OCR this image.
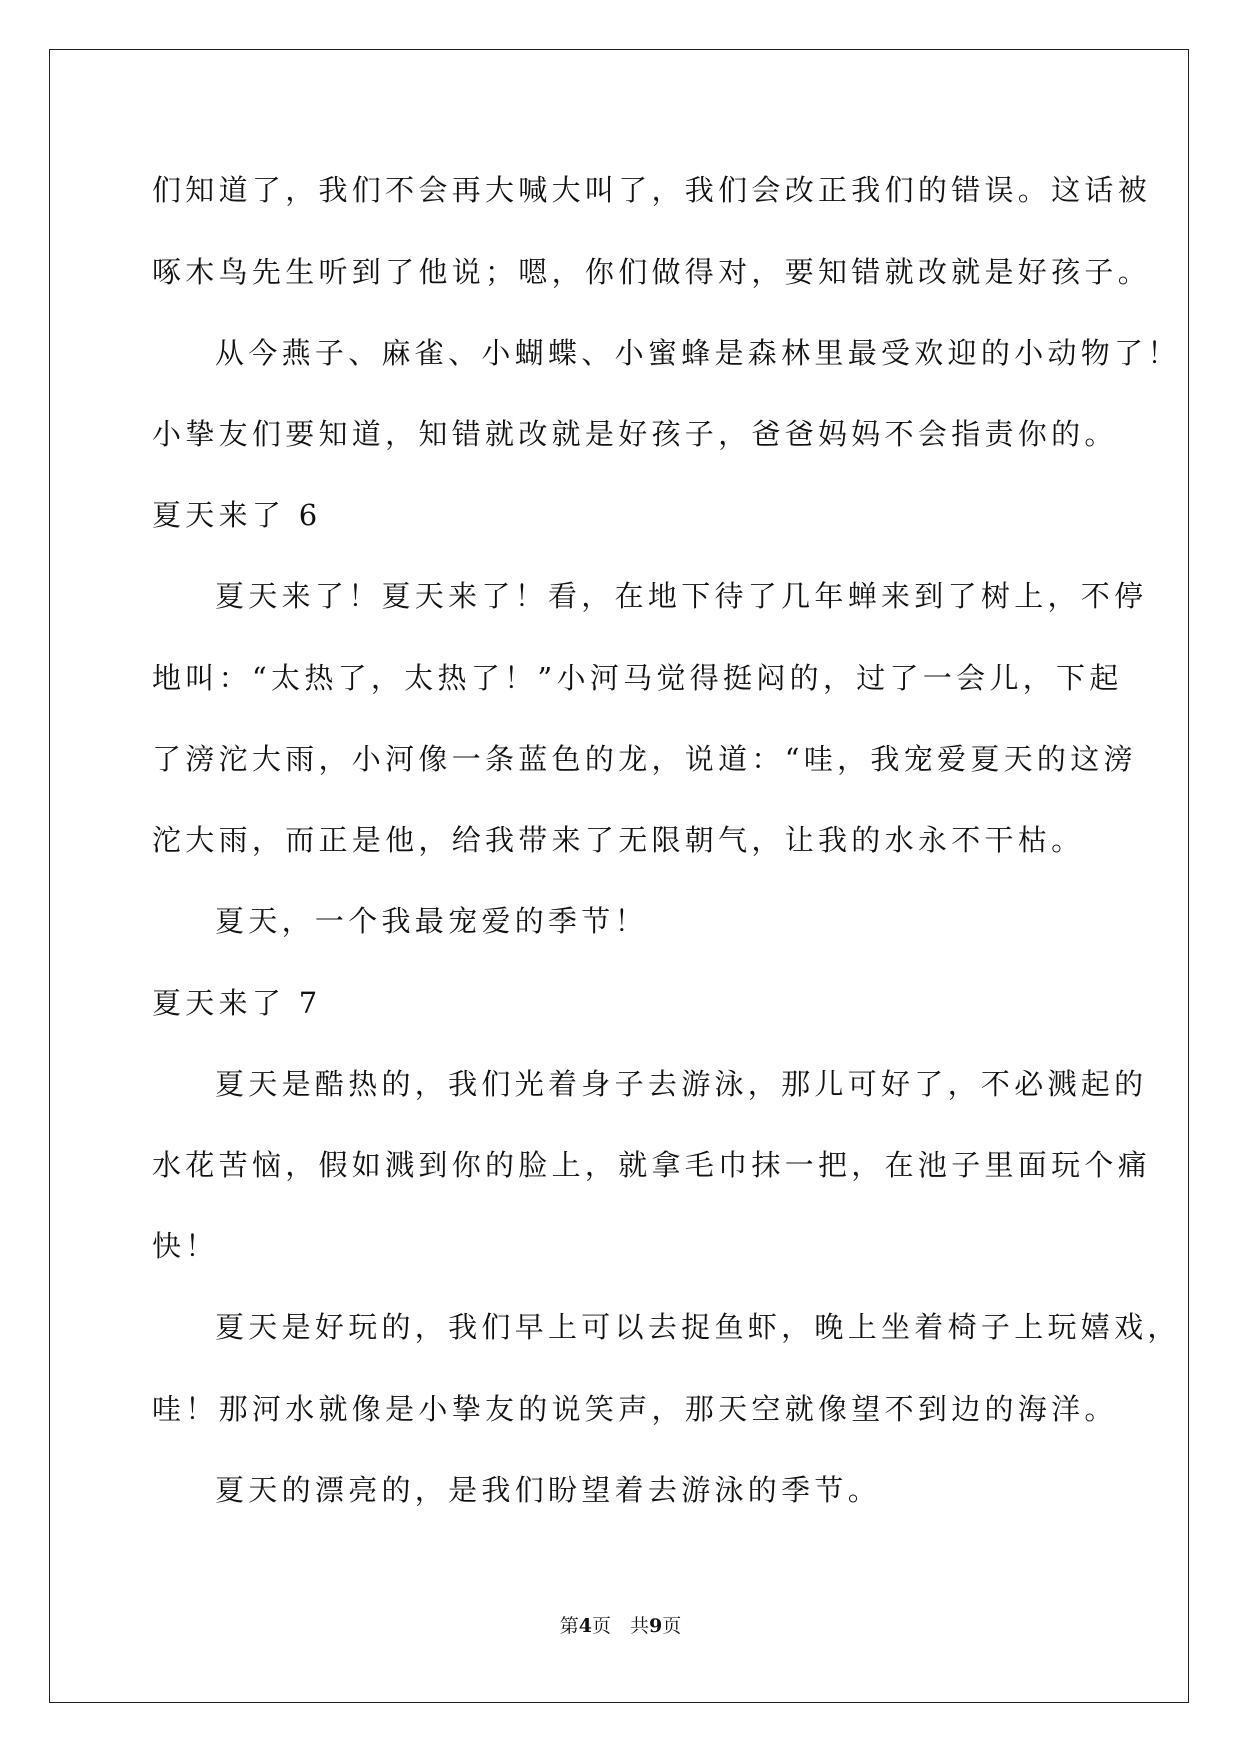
们知道了，我们不会再大喊大叫了，我们会改正我们的错误。这话被
啄木鸟先生听到了他说；嗯，你们做得对，要知错就改就是好孩子。
从今燕子、麻雀、小蝴蝶、小蜜蜂是森林里最受欢迎的小动物了！
小挚友们要知道，知错就改就是好孩子，爸爸妈妈不会指责你的。
夏天来了 6
夏天来了！夏天来了！看，在地下待了几年蝉来到了树上，不停
地叫：“太热了，太热了！”小河马觉得挺闷的，过了一会儿，下起
了滂沱大雨，小河像一条蓝色的龙，说道：“哇，我宠爱夏天的这滂
沱大雨，而正是他，给我带来了无限朝气，让我的水永不干枯。
夏天，一个我最宠爱的季节！
夏天来了 7
夏天是酷热的，我们光着身子去游泳，那儿可好了，不必溅起的
水花苦恼，假如溅到你的脸上，就拿毛巾抹一把，在池子里面玩个痛
快！
夏天是好玩的，我们早上可以去捉鱼虾，晚上坐着椅子上玩嬉戏，
哇！那河水就像是小挚友的说笑声，那天空就像望不到边的海洋。
夏天的漂亮的，是我们盼望着去游泳的季节。
第4页　共9页
